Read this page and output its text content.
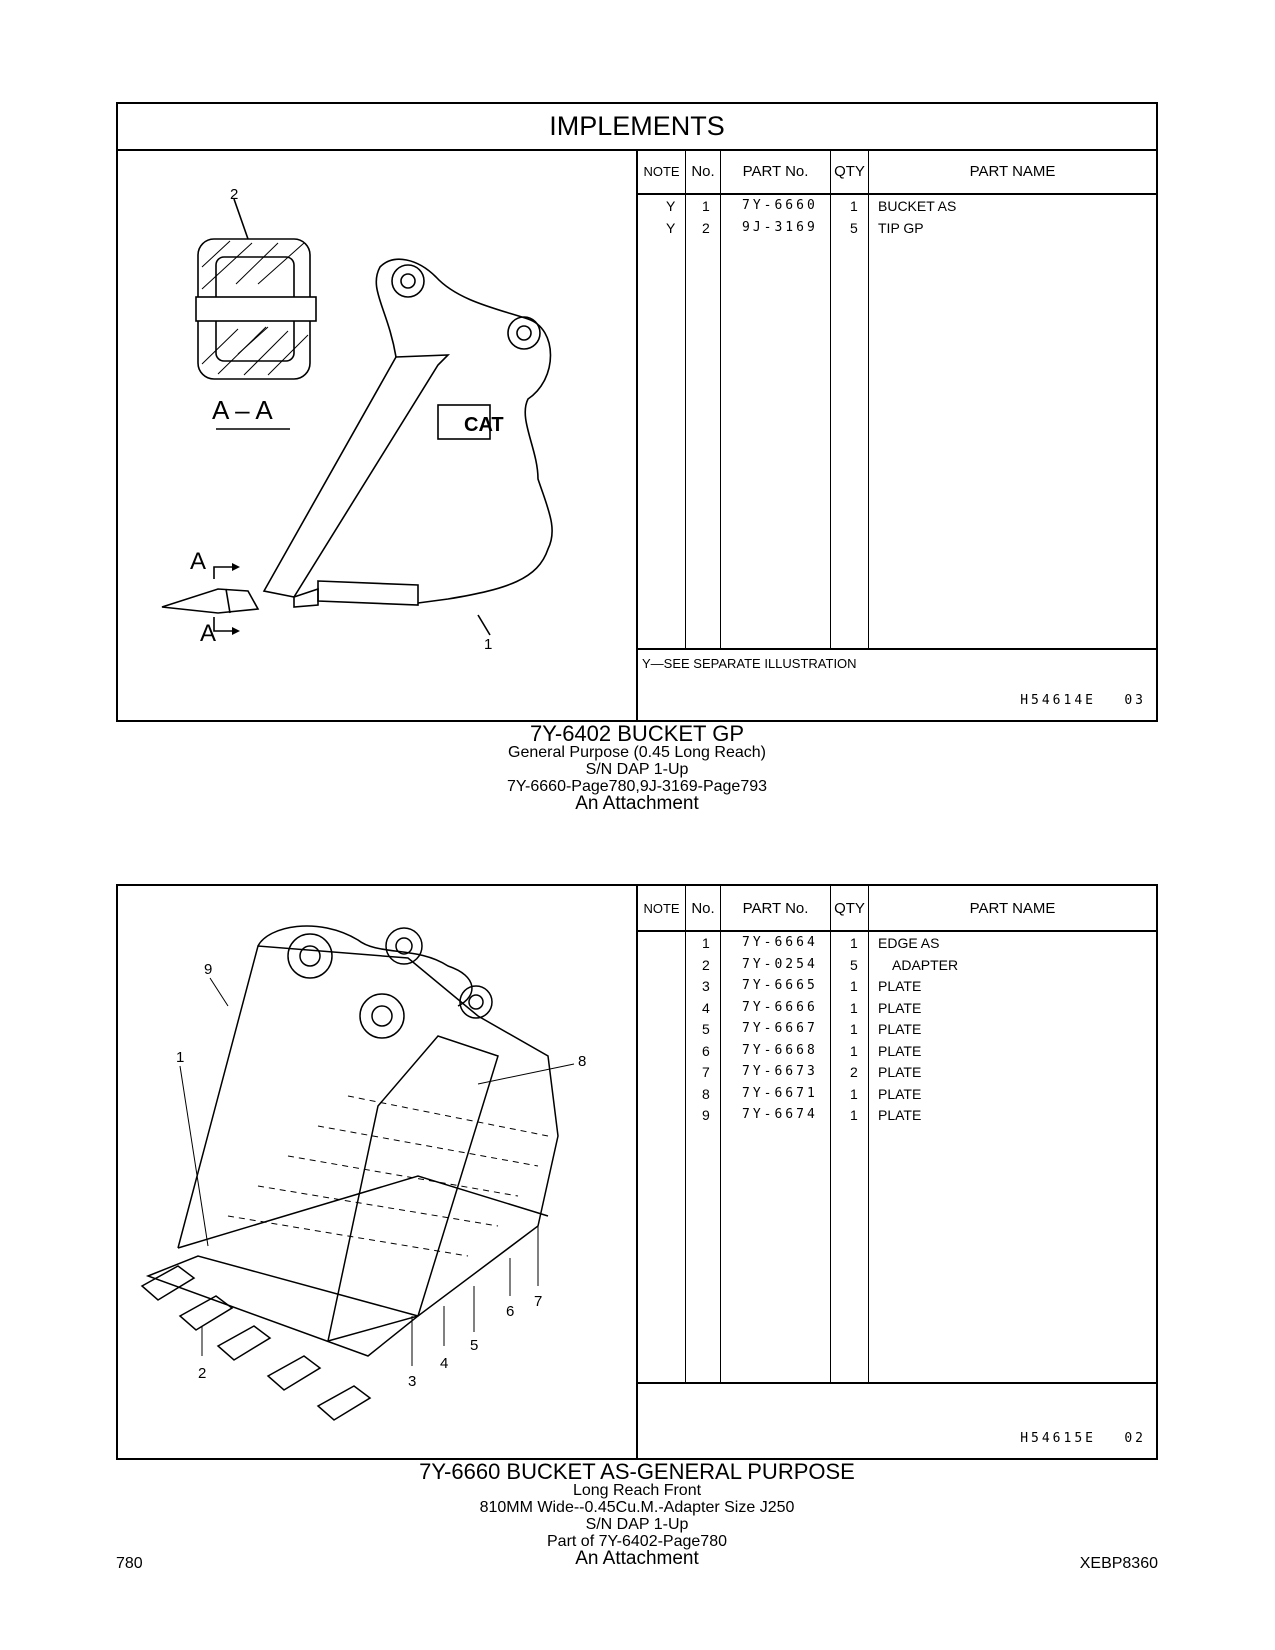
IMPLEMENTS
2
1
A – A
A
A
CAT
NOTE No.	PART No.	QTY	PART NAME
Y 1 7Y-6660 1 BUCKET AS
Y 2 9J-3169 5 TIP GP
Y—SEE SEPARATE ILLUSTRATION
H54614E 03
7Y-6402 BUCKET GP
General Purpose (0.45 Long Reach)
S/N DAP 1-Up
7Y-6660-Page780,9J-3169-Page793
An Attachment
1
2	3
4
5
6
7
8
9
NOTE No.	PART No.	QTY	PART NAME
1 7Y-6664 1 EDGE AS
2 7Y-0254 5 ADAPTER
3 7Y-6665 1 PLATE
4 7Y-6666 1 PLATE
5 7Y-6667 1 PLATE
6 7Y-6668 1 PLATE
7 7Y-6673 2 PLATE
8 7Y-6671 1 PLATE
9 7Y-6674 1 PLATE
H54615E 02
7Y-6660 BUCKET AS-GENERAL PURPOSE
Long Reach Front
810MM Wide--0.45Cu.M.-Adapter Size J250
S/N DAP 1-Up
Part of 7Y-6402-Page780
An Attachment
780	XEBP8360
